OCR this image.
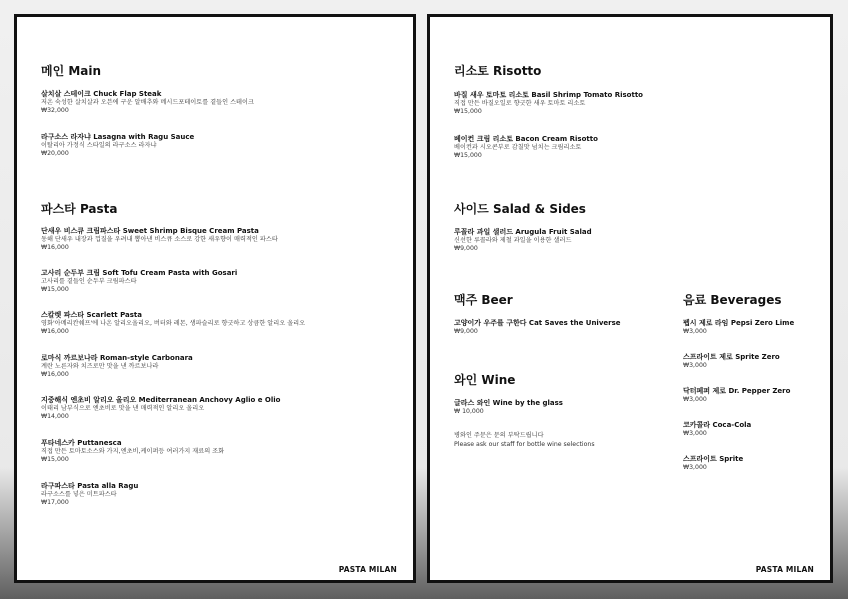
메인 Main
살치살 스테이크 Chuck Flap Steak
저온 숙성한 살치살과 오븐에 구운 알배추와 메시드포테이토를 곁들인 스테이크
₩32,000
라구소스 라자냐 Lasagna with Ragu Sauce
이탈리아 가정식 스타일의 라구소스 라자냐
₩20,000
파스타 Pasta
단새우 비스큐 크림파스타 Sweet Shrimp Bisque Cream Pasta
동해 단새우 내장과 껍질을 우려내 뽑아낸 비스큐 소스로 강한 새우향이 매력적인 파스타
₩16,000
고사리 순두부 크림 Soft Tofu Cream Pasta with Gosari
고사리를 곁들인 순두부 크림파스타
₩15,000
스칼렛 파스타 Scarlett Pasta
영화'아메리칸쉐프'에 나온 알리오올리오, 버터와 레몬, 생파슬리로 향긋하고 상큼한 알리오 올리오
₩16,000
로마식 까르보나라 Roman-style Carbonara
계란 노른자와 치즈로만 맛을 낸 까르보나라
₩16,000
지중해식 엔초비 알리오 올리오 Mediterranean Anchovy Aglio e Olio
이태리 남부식으로 엔초비로 맛을 낸 매력적인 알리오 올리오
₩14,000
푸타네스카 Puttanesca
직접 만든 토마토소스와 가지,엔초비,케이퍼등 여러가지 재료의 조화
₩15,000
라구파스타 Pasta alla Ragu
라구소스를 넣은 미트파스타
₩17,000
PASTA MILAN
리소토 Risotto
바질 새우 토마토 리소토 Basil Shrimp Tomato Risotto
직접 만든 바질오일로 향긋한 새우 토마토 리소토
₩15,000
베이컨 크림 리소토 Bacon Cream Risotto
베이컨과 시오콘부로 감칠맛 넘치는 크림리소토
₩15,000
사이드 Salad & Sides
루꼴라 과일 샐러드 Arugula Fruit Salad
신선한 루꼴라와 제철 과일을 이용한 샐러드
₩9,000
맥주 Beer
고양이가 우주를 구한다 Cat Saves the Universe
₩9,000
와인 Wine
글라스 와인 Wine by the glass
₩ 10,000
병와인 주문은 문의 부탁드립니다
Please ask our staff for bottle wine selections
음료 Beverages
펩시 제로 라임 Pepsi Zero Lime
₩3,000
스프라이트 제로 Sprite Zero
₩3,000
닥터페퍼 제로 Dr. Pepper Zero
₩3,000
코카콜라 Coca-Cola
₩3,000
스프라이트 Sprite
₩3,000
PASTA MILAN
